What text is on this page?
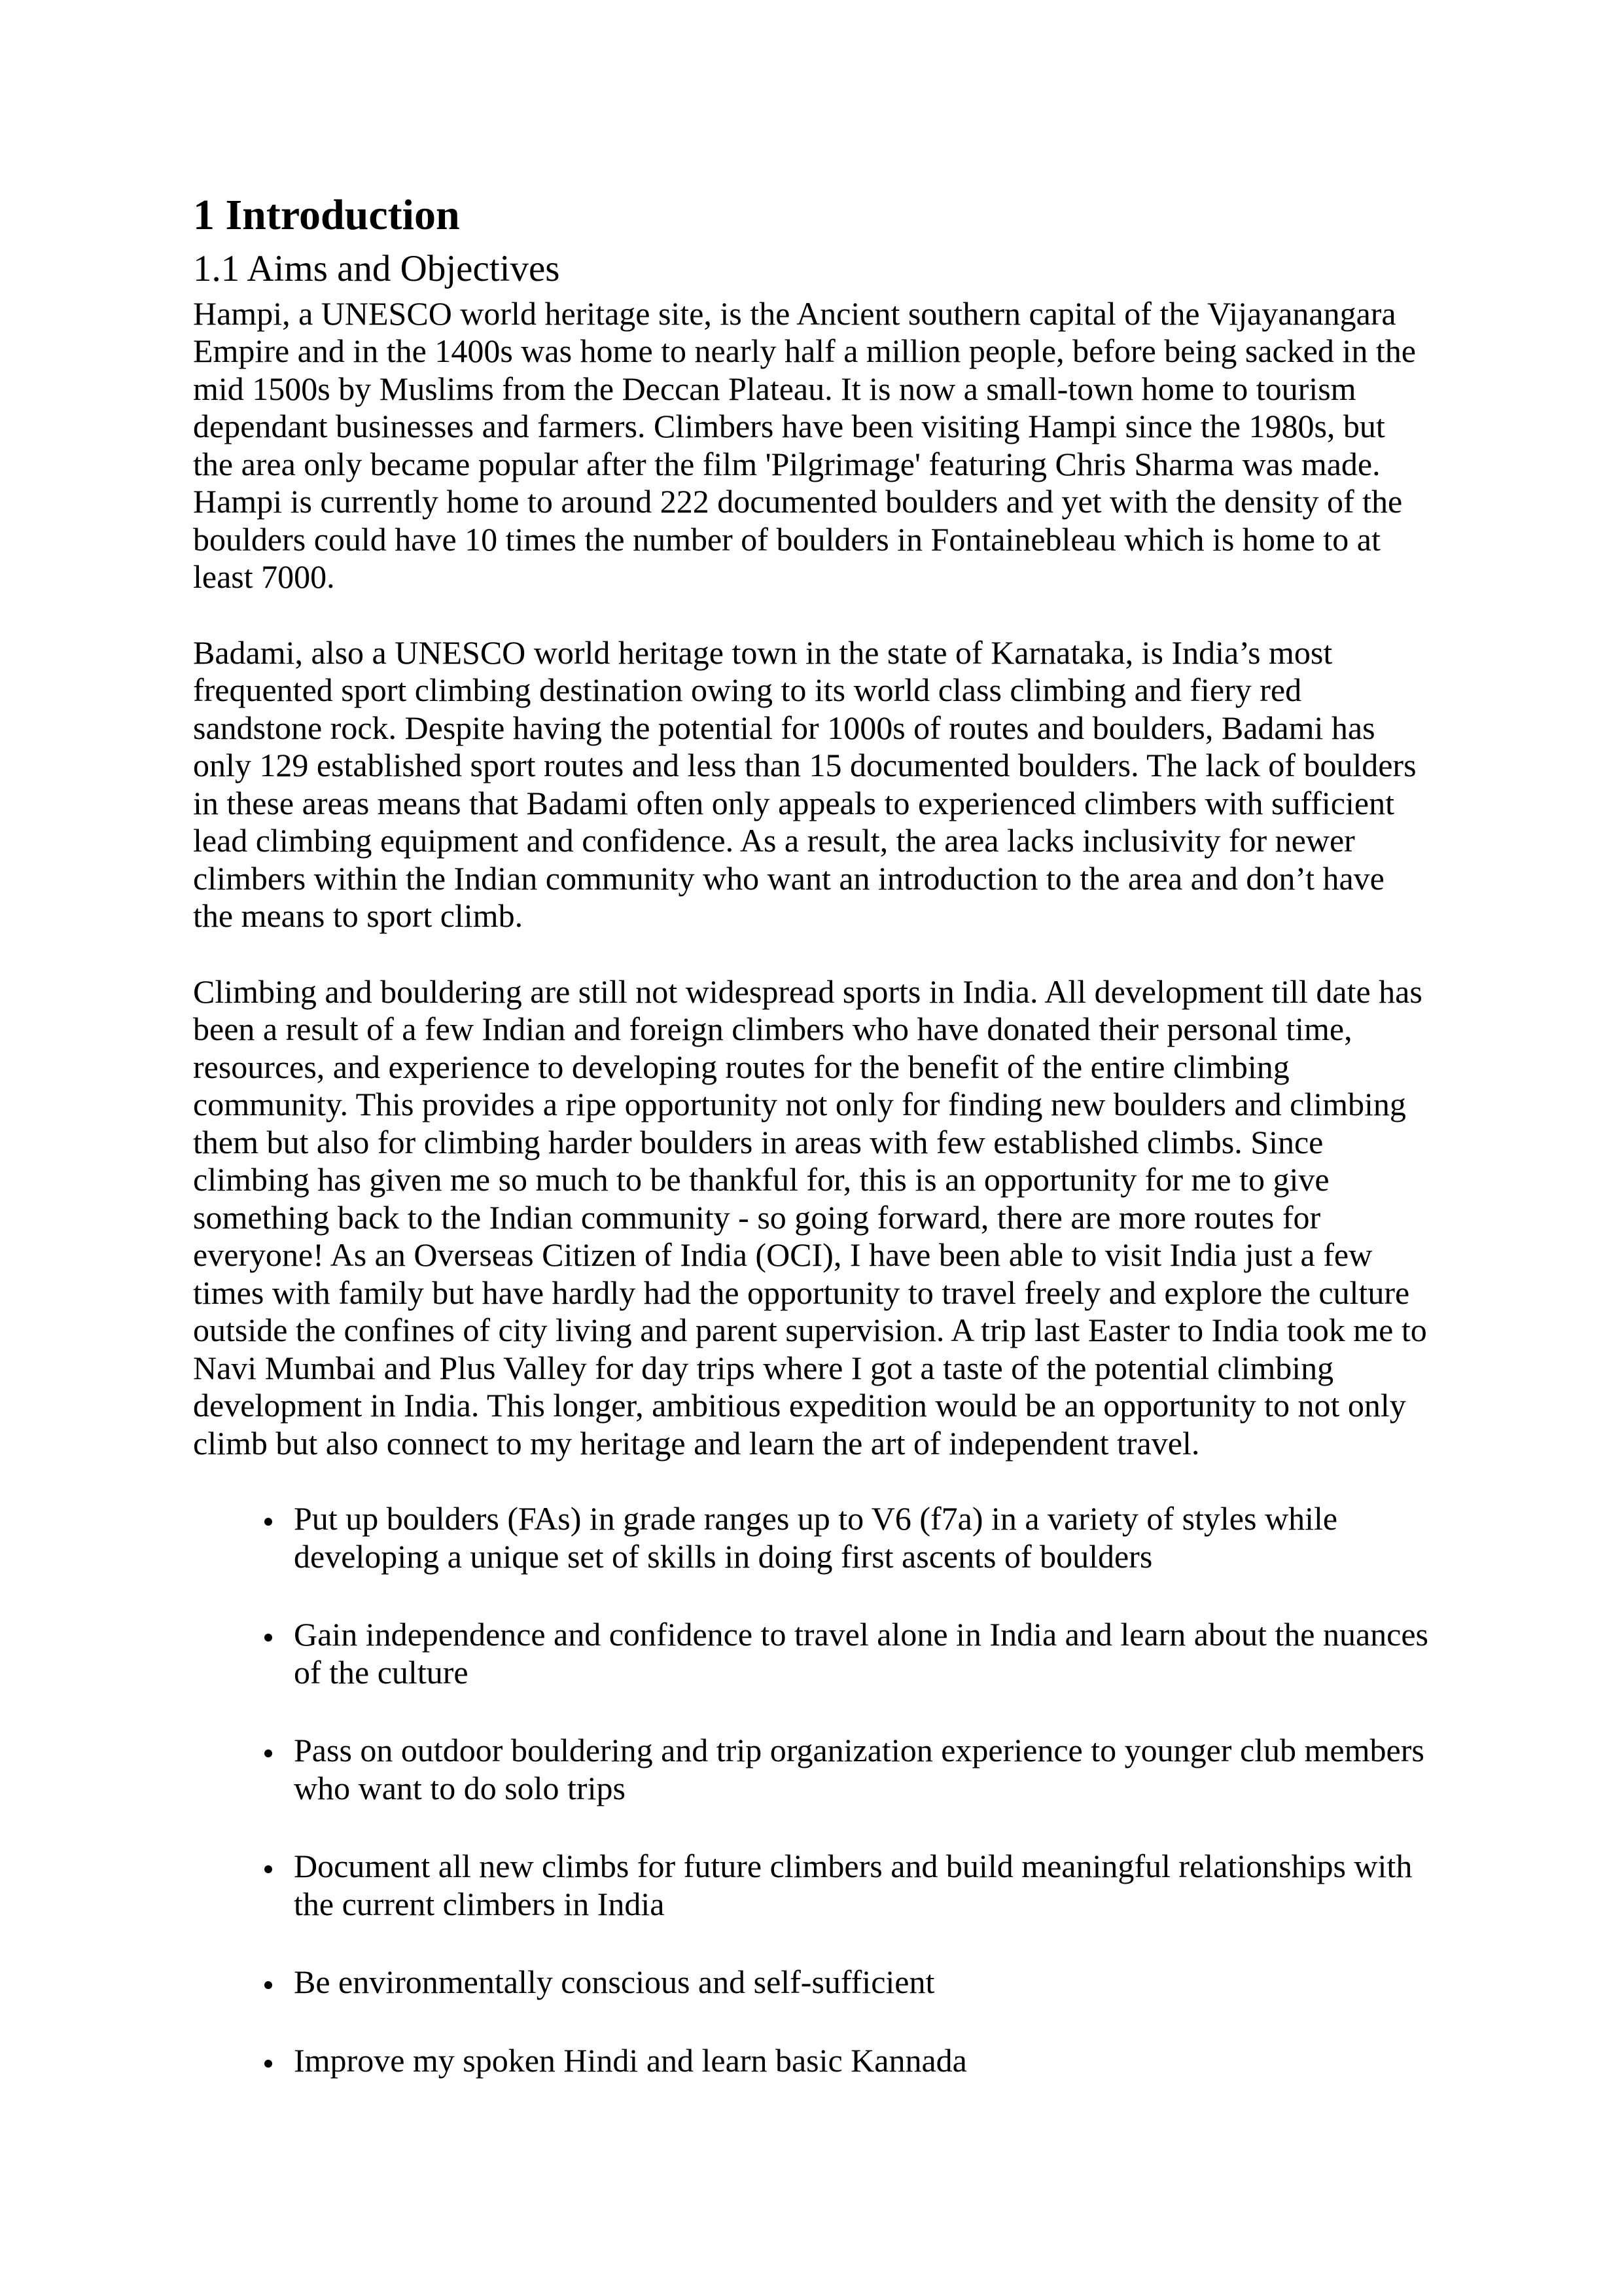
1 Introduction
1.1 Aims and Objectives

Hampi, a UNESCO world heritage site, is the Ancient southern capital of the Vijayanangara Empire and in the 1400s was home to nearly half a million people, before being sacked in the mid 1500s by Muslims from the Deccan Plateau. It is now a small-town home to tourism dependant businesses and farmers. Climbers have been visiting Hampi since the 1980s, but the area only became popular after the film 'Pilgrimage' featuring Chris Sharma was made. Hampi is currently home to around 222 documented boulders and yet with the density of the boulders could have 10 times the number of boulders in Fontainebleau which is home to at least 7000.

Badami, also a UNESCO world heritage town in the state of Karnataka, is India’s most frequented sport climbing destination owing to its world class climbing and fiery red sandstone rock. Despite having the potential for 1000s of routes and boulders, Badami has only 129 established sport routes and less than 15 documented boulders. The lack of boulders in these areas means that Badami often only appeals to experienced climbers with sufficient lead climbing equipment and confidence. As a result, the area lacks inclusivity for newer climbers within the Indian community who want an introduction to the area and don’t have the means to sport climb.

Climbing and bouldering are still not widespread sports in India. All development till date has been a result of a few Indian and foreign climbers who have donated their personal time, resources, and experience to developing routes for the benefit of the entire climbing community. This provides a ripe opportunity not only for finding new boulders and climbing them but also for climbing harder boulders in areas with few established climbs. Since climbing has given me so much to be thankful for, this is an opportunity for me to give something back to the Indian community - so going forward, there are more routes for everyone! As an Overseas Citizen of India (OCI), I have been able to visit India just a few times with family but have hardly had the opportunity to travel freely and explore the culture outside the confines of city living and parent supervision. A trip last Easter to India took me to Navi Mumbai and Plus Valley for day trips where I got a taste of the potential climbing development in India. This longer, ambitious expedition would be an opportunity to not only climb but also connect to my heritage and learn the art of independent travel.

• Put up boulders (FAs) in grade ranges up to V6 (f7a) in a variety of styles while developing a unique set of skills in doing first ascents of boulders
• Gain independence and confidence to travel alone in India and learn about the nuances of the culture
• Pass on outdoor bouldering and trip organization experience to younger club members who want to do solo trips
• Document all new climbs for future climbers and build meaningful relationships with the current climbers in India
• Be environmentally conscious and self-sufficient
• Improve my spoken Hindi and learn basic Kannada
